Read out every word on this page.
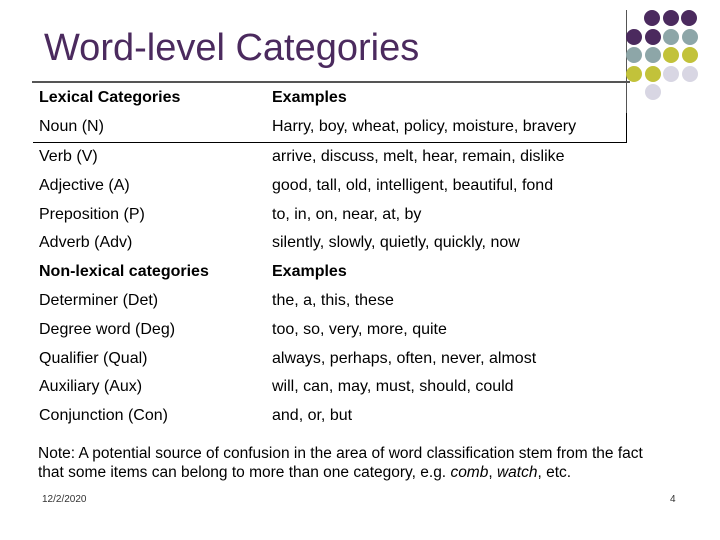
Word-level Categories
Lexical Categories	Examples
Noun (N)	Harry, boy, wheat, policy, moisture, bravery
Verb (V)	arrive, discuss, melt, hear, remain, dislike
Adjective (A)	good, tall, old, intelligent, beautiful, fond
Preposition (P)	to, in, on, near, at, by
Adverb (Adv)	silently, slowly, quietly, quickly, now
Non-lexical categories	Examples
Determiner (Det)	the, a, this, these
Degree word (Deg)	too, so, very, more, quite
Qualifier (Qual)	always, perhaps, often, never, almost
Auxiliary (Aux)	will, can, may, must, should, could
Conjunction (Con)	and, or, but

Note: A potential source of confusion in the area of word classification stem from the fact that some items can belong to more than one category, e.g. comb, watch, etc.

12/2/2020	4
